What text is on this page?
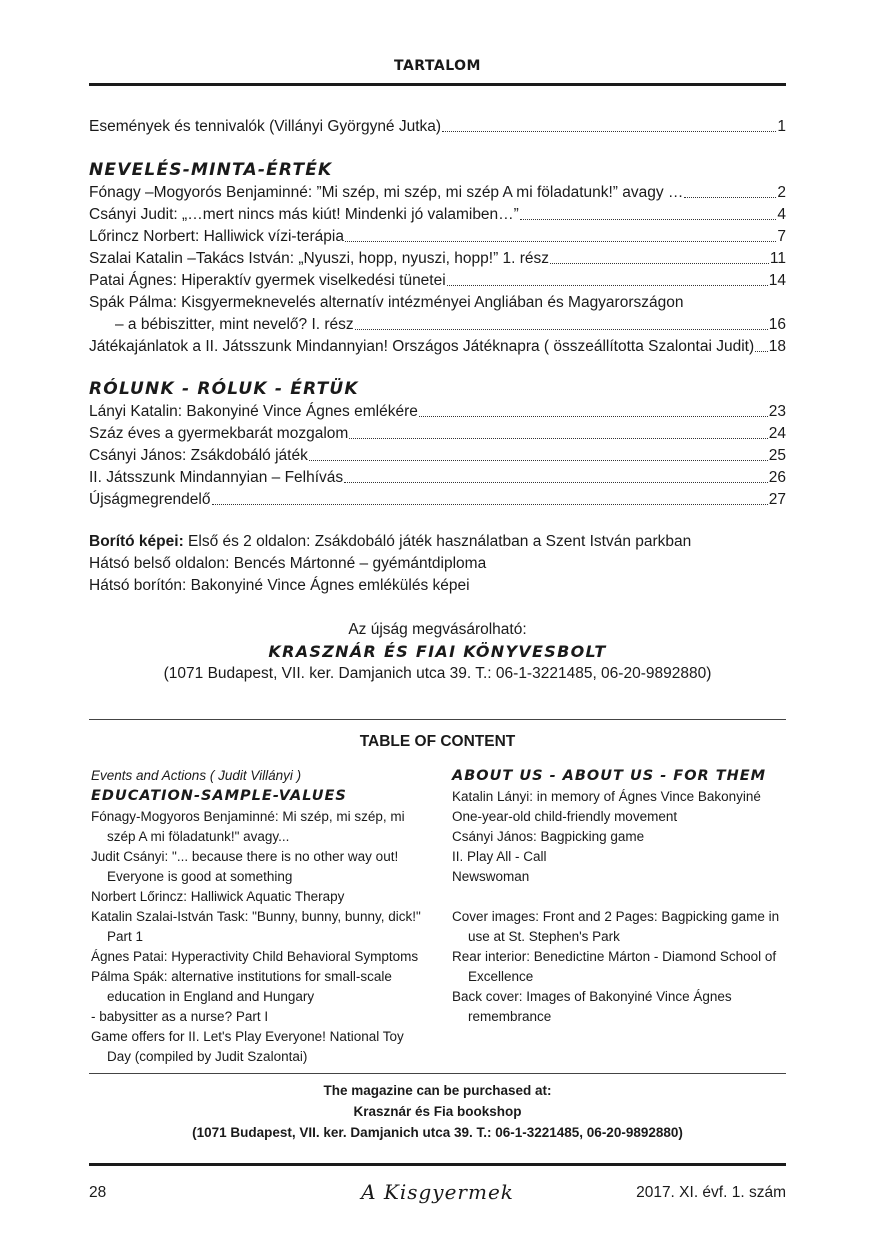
TARTALOM
Események és tennivalók (Villányi Györgyné Jutka)	1
NEVELÉS-MINTA-ÉRTÉK
Fónagy –Mogyorós Benjaminné: ”Mi szép, mi szép, mi szép A mi föladatunk!” avagy …	2
Csányi Judit: „…mert nincs más kiút! Mindenki jó valamiben…”	4
Lőrincz Norbert: Halliwick vízi-terápia	7
Szalai Katalin –Takács István: „Nyuszi, hopp, nyuszi, hopp!” 1. rész	11
Patai Ágnes: Hiperaktív gyermek viselkedési tünetei	14
Spák Pálma: Kisgyermeknevelés alternatív intézményei Angliában és Magyarországon
– a bébiszitter, mint nevelő? I. rész	16
Játékajánlatok a II. Játsszunk Mindannyian! Országos Játéknapra ( összeállította Szalontai Judit) 18
RÓLUNK - RÓLUK - ÉRTÜK
Lányi Katalin: Bakonyiné Vince Ágnes emlékére	23
Száz éves a gyermekbarát mozgalom	24
Csányi János: Zsákdobáló játék	25
II. Játsszunk Mindannyian – Felhívás	26
Újságmegrendelő	27
Borító képei: Első és 2 oldalon: Zsákdobáló játék használatban a Szent István parkban
Hátsó belső oldalon: Bencés Mártonné – gyémántdiploma
Hátsó borítón: Bakonyiné Vince Ágnes emlékülés képei
Az újság megvásárolható:
KRASZNÁR ÉS FIAI KÖNYVESBOLT
(1071 Budapest, VII. ker. Damjanich utca 39. T.: 06-1-3221485, 06-20-9892880)
TABLE OF CONTENT
Events and Actions ( Judit Villányi )
EDUCATION-SAMPLE-VALUES
Fónagy-Mogyoros Benjaminné: Mi szép, mi szép, mi szép A mi föladatunk!" avagy...
Judit Csányi: "... because there is no other way out! Everyone is good at something
Norbert Lőrincz: Halliwick Aquatic Therapy
Katalin Szalai-István Task: "Bunny, bunny, bunny, dick!" Part 1
Ágnes Patai: Hyperactivity Child Behavioral Symptoms
Pálma Spák: alternative institutions for small-scale education in England and Hungary
- babysitter as a nurse? Part I
Game offers for II. Let's Play Everyone! National Toy Day (compiled by Judit Szalontai)
ABOUT US - ABOUT US - FOR THEM
Katalin Lányi: in memory of Ágnes Vince Bakonyiné
One-year-old child-friendly movement
Csányi János: Bagpicking game
II. Play All - Call
Newswoman
Cover images: Front and 2 Pages: Bagpicking game in use at St. Stephen's Park
Rear interior: Benedictine Márton - Diamond School of Excellence
Back cover: Images of Bakonyiné Vince Ágnes remembrance
The magazine can be purchased at:
Krasznár és Fia bookshop
(1071 Budapest, VII. ker. Damjanich utca 39. T.: 06-1-3221485, 06-20-9892880)
28	A Kisgyermek	2017. XI. évf. 1. szám
